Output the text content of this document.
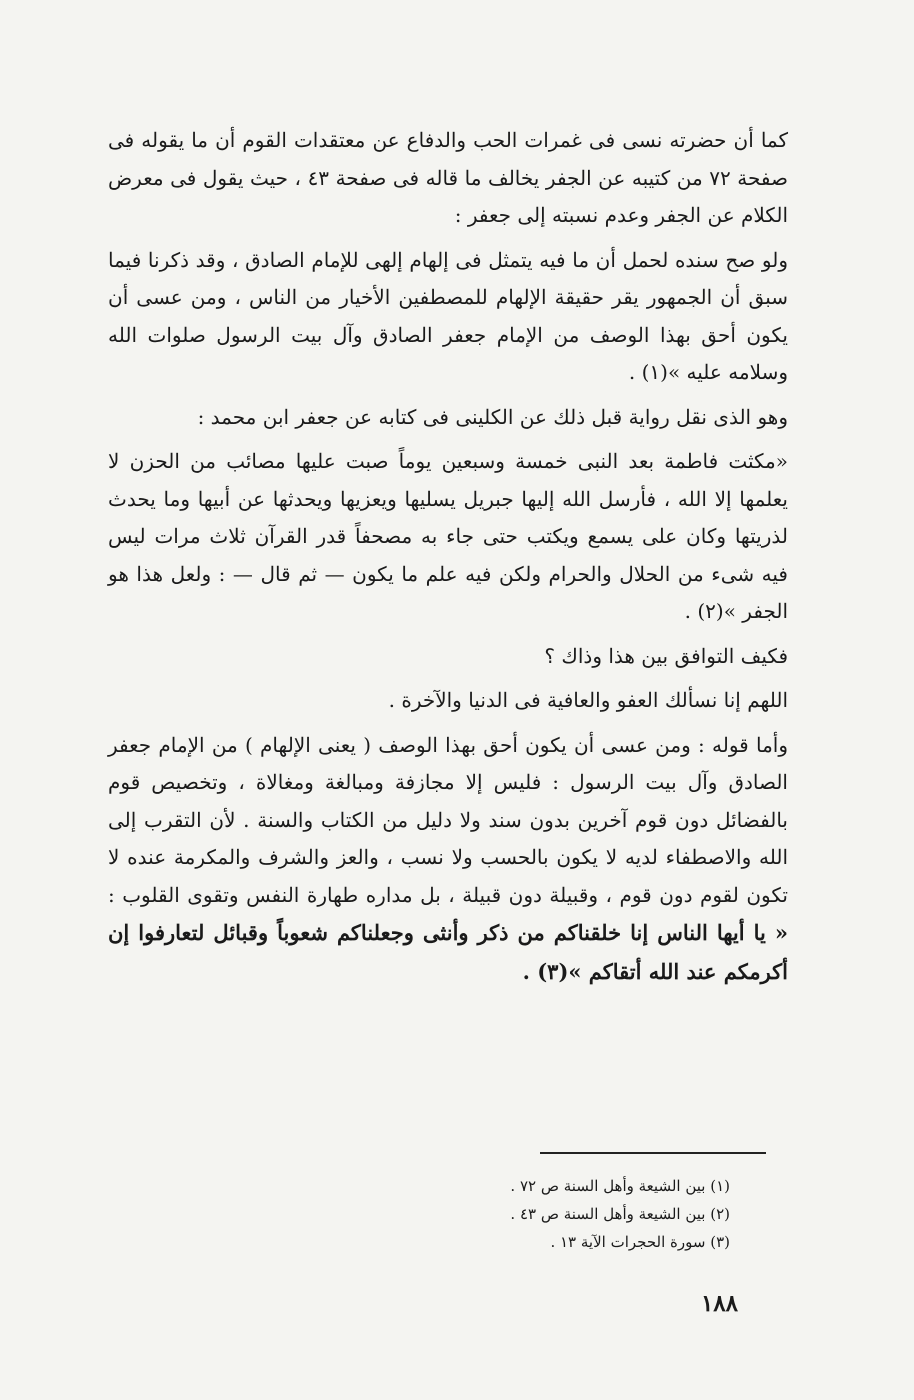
كما أن حضرته نسى فى غمرات الحب والدفاع عن معتقدات القوم أن ما يقوله فى صفحة ٧٢ من كتيبه عن الجفر يخالف ما قاله فى صفحة ٤٣ ، حيث يقول فى معرض الكلام عن الجفر وعدم نسبته إلى جعفر :

ولو صح سنده لحمل أن ما فيه يتمثل فى إلهام إلهى للإمام الصادق ، وقد ذكرنا فيما سبق أن الجمهور يقر حقيقة الإلهام للمصطفين الأخيار من الناس ، ومن عسى أن يكون أحق بهذا الوصف من الإمام جعفر الصادق وآل بيت الرسول صلوات الله وسلامه عليه »(١) .

وهو الذى نقل رواية قبل ذلك عن الكلينى فى كتابه عن جعفر ابن محمد :

«مكثت فاطمة بعد النبى خمسة وسبعين يوماً صبت عليها مصائب من الحزن لا يعلمها إلا الله ، فأرسل الله إليها جبريل يسليها ويعزيها ويحدثها عن أبيها وما يحدث لذريتها وكان على يسمع ويكتب حتى جاء به مصحفاً قدر القرآن ثلاث مرات ليس فيه شىء من الحلال والحرام ولكن فيه علم ما يكون — ثم قال — : ولعل هذا هو الجفر »(٢) .

فكيف التوافق بين هذا وذاك ؟

اللهم إنا نسألك العفو والعافية فى الدنيا والآخرة .

وأما قوله : ومن عسى أن يكون أحق بهذا الوصف ( يعنى الإلهام ) من الإمام جعفر الصادق وآل بيت الرسول : فليس إلا مجازفة ومبالغة ومغالاة ، وتخصيص قوم بالفضائل دون قوم آخرين بدون سند ولا دليل من الكتاب والسنة . لأن التقرب إلى الله والاصطفاء لديه لا يكون بالحسب ولا نسب ، والعز والشرف والمكرمة عنده لا تكون لقوم دون قوم ، وقبيلة دون قبيلة ، بل مداره طهارة النفس وتقوى القلوب : « يا أيها الناس إنا خلقناكم من ذكر وأنثى وجعلناكم شعوباً وقبائل لتعارفوا إن أكرمكم عند الله أتقاكم »(٣) .

(١) بين الشيعة وأهل السنة ص ٧٢ .

(٢) بين الشيعة وأهل السنة ص ٤٣ .

(٣) سورة الحجرات الآية ١٣ .

١٨٨
